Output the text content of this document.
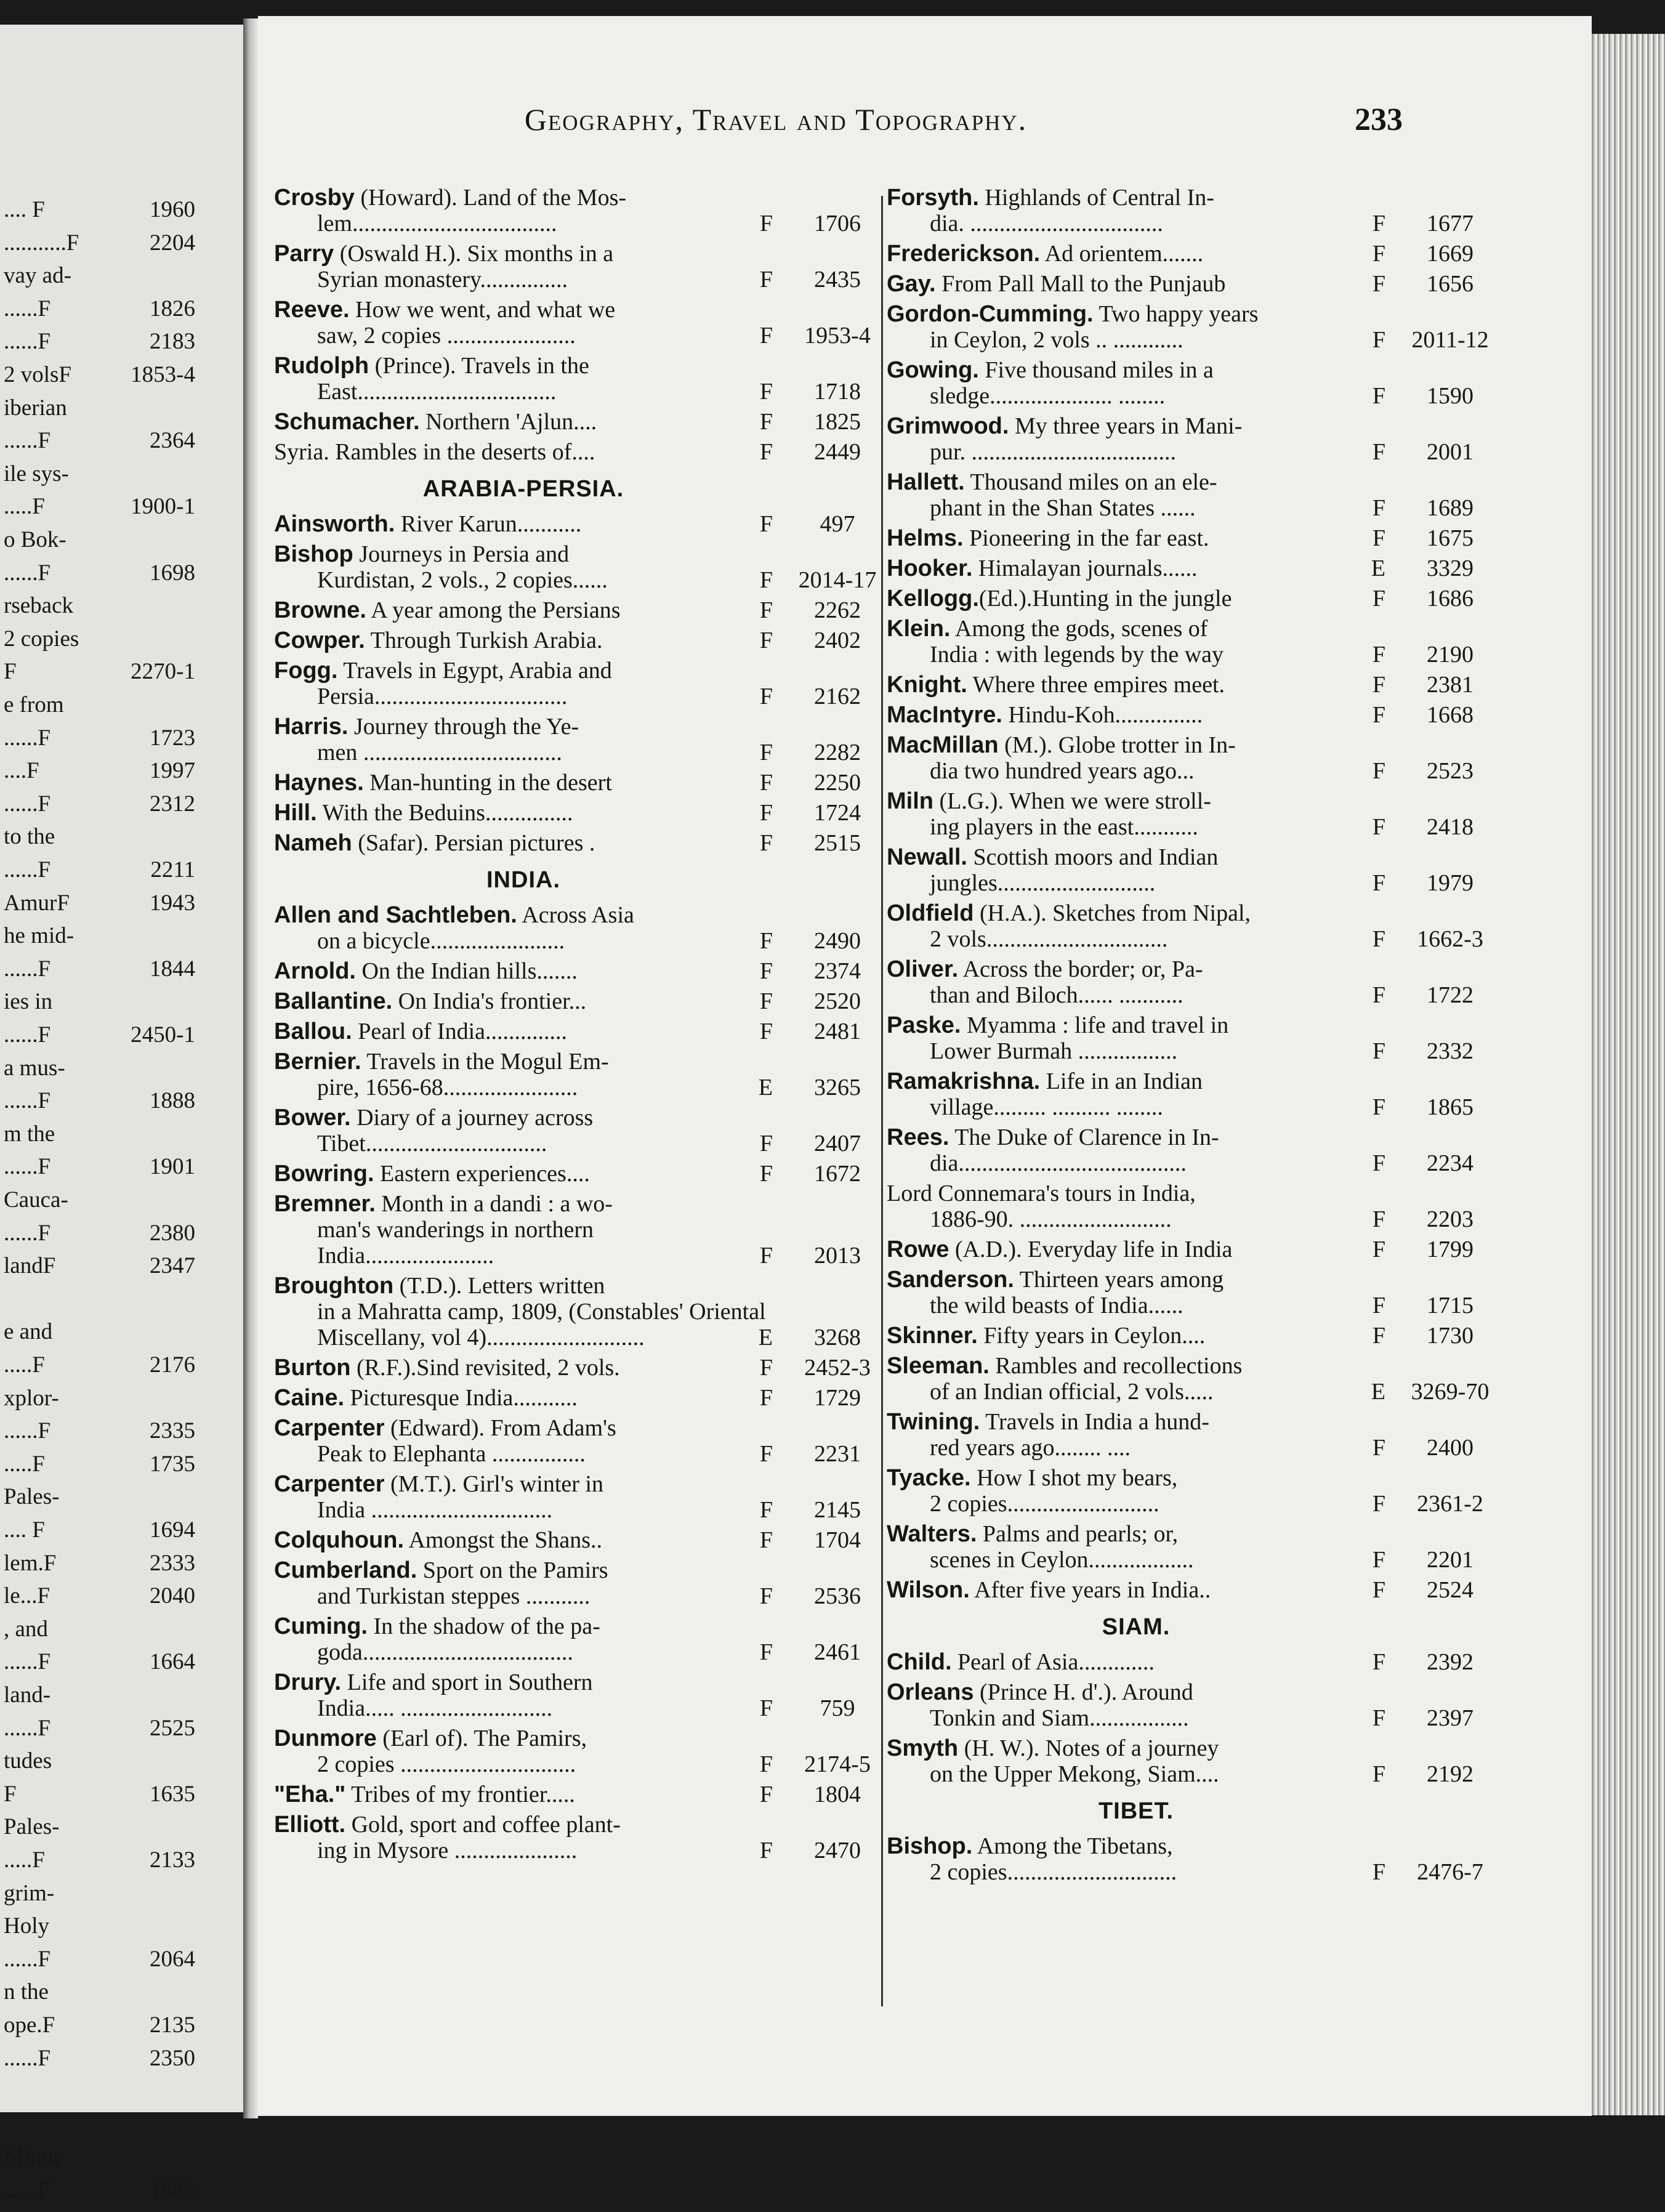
.... F	1960
...........F	2204
vay ad-
......F	1826
......F	2183
2 volsF	1853-4
iberian
......F	2364
ile sys-
.....F	1900-1
o Bok-
......F	1698
rseback
2 copies
F	2270-1
e from
......F	1723
....F	1997
......F	2312
to the
......F	2211
AmurF	1943
he mid-
......F	1844
ies in
......F	2450-1
a mus-
......F	1888
m the
......F	1901
Cauca-
......F	2380
landF	2347
e and
.....F	2176
xplor-
......F	2335
.....F	1735
Pales-
.... F	1694
lem.F	2333
le...F	2040
, and
......F	1664
land-
......F	2525
tudes
F	1635
Pales-
.....F	2133
grim-
Holy
......F	2064
n the
ope.F	2135
......F	2350
Minor
......F	1886
Geography, Travel and Topography.	233
Crosby (Howard). Land of the Mos-
lem...................................	F	1706
Parry (Oswald H.). Six months in a
Syrian monastery...............	F	2435
Reeve. How we went, and what we
saw, 2 copies ......................	F	1953-4
Rudolph (Prince). Travels in the
East..................................	F	1718
Schumacher. Northern 'Ajlun....	F	1825
Syria. Rambles in the deserts of....	F	2449
ARABIA-PERSIA.
Ainsworth. River Karun...........	F	497
Bishop Journeys in Persia and
Kurdistan, 2 vols., 2 copies......	F	2014-17
Browne. A year among the Persians	F	2262
Cowper. Through Turkish Arabia.	F	2402
Fogg. Travels in Egypt, Arabia and
Persia.................................	F	2162
Harris. Journey through the Ye-
men ..................................	F	2282
Haynes. Man-hunting in the desert	F	2250
Hill. With the Beduins...............	F	1724
Nameh (Safar). Persian pictures .	F	2515
INDIA.
Allen and Sachtleben. Across Asia
on a bicycle.......................	F	2490
Arnold. On the Indian hills.......	F	2374
Ballantine. On India's frontier...	F	2520
Ballou. Pearl of India..............	F	2481
Bernier. Travels in the Mogul Em-
pire, 1656-68.......................	E	3265
Bower. Diary of a journey across
Tibet...............................	F	2407
Bowring. Eastern experiences....	F	1672
Bremner. Month in a dandi : a wo-
man's wanderings in northern India......................	F	2013
Broughton (T.D.). Letters written
in a Mahratta camp, 1809, (Constables' Oriental Miscellany, vol 4)...........................	E	3268
Burton (R.F.).Sind revisited, 2 vols.	F	2452-3
Caine. Picturesque India...........	F	1729
Carpenter (Edward). From Adam's
Peak to Elephanta ................	F	2231
Carpenter (M.T.). Girl's winter in
India ...............................	F	2145
Colquhoun. Amongst the Shans..	F	1704
Cumberland. Sport on the Pamirs
and Turkistan steppes ...........	F	2536
Cuming. In the shadow of the pa-
goda....................................	F	2461
Drury. Life and sport in Southern
India..... ..........................	F	759
Dunmore (Earl of). The Pamirs,
2 copies ..............................	F	2174-5
"Eha." Tribes of my frontier.....	F	1804
Elliott. Gold, sport and coffee plant-
ing in Mysore .....................	F	2470
Forsyth. Highlands of Central In-
dia. .................................	F	1677
Frederickson. Ad orientem.......	F	1669
Gay. From Pall Mall to the Punjaub	F	1656
Gordon-Cumming. Two happy years
in Ceylon, 2 vols .. ............	F	2011-12
Gowing. Five thousand miles in a
sledge..................... ........	F	1590
Grimwood. My three years in Mani-
pur. ...................................	F	2001
Hallett. Thousand miles on an ele-
phant in the Shan States ......	F	1689
Helms. Pioneering in the far east.	F	1675
Hooker. Himalayan journals......	E	3329
Kellogg.(Ed.).Hunting in the jungle	F	1686
Klein. Among the gods, scenes of
India : with legends by the way	F	2190
Knight. Where three empires meet.	F	2381
MacIntyre. Hindu-Koh...............	F	1668
MacMillan (M.). Globe trotter in In-
dia two hundred years ago...	F	2523
Miln (L.G.). When we were stroll-
ing players in the east...........	F	2418
Newall. Scottish moors and Indian
jungles...........................	F	1979
Oldfield (H.A.). Sketches from Nipal,
2 vols...............................	F	1662-3
Oliver. Across the border; or, Pa-
than and Biloch...... ...........	F	1722
Paske. Myamma : life and travel in
Lower Burmah .................	F	2332
Ramakrishna. Life in an Indian
village......... .......... ........	F	1865
Rees. The Duke of Clarence in In-
dia.......................................	F	2234
Lord Connemara's tours in India,
1886-90. ..........................	F	2203
Rowe (A.D.). Everyday life in India	F	1799
Sanderson. Thirteen years among
the wild beasts of India......	F	1715
Skinner. Fifty years in Ceylon....	F	1730
Sleeman. Rambles and recollections
of an Indian official, 2 vols.....	E	3269-70
Twining. Travels in India a hund-
red years ago........ ....	F	2400
Tyacke. How I shot my bears,
2 copies..........................	F	2361-2
Walters. Palms and pearls; or,
scenes in Ceylon..................	F	2201
Wilson. After five years in India..	F	2524
SIAM.
Child. Pearl of Asia.............	F	2392
Orleans (Prince H. d'.). Around
Tonkin and Siam.................	F	2397
Smyth (H. W.). Notes of a journey
on the Upper Mekong, Siam....	F	2192
TIBET.
Bishop. Among the Tibetans,
2 copies.............................	F	2476-7
